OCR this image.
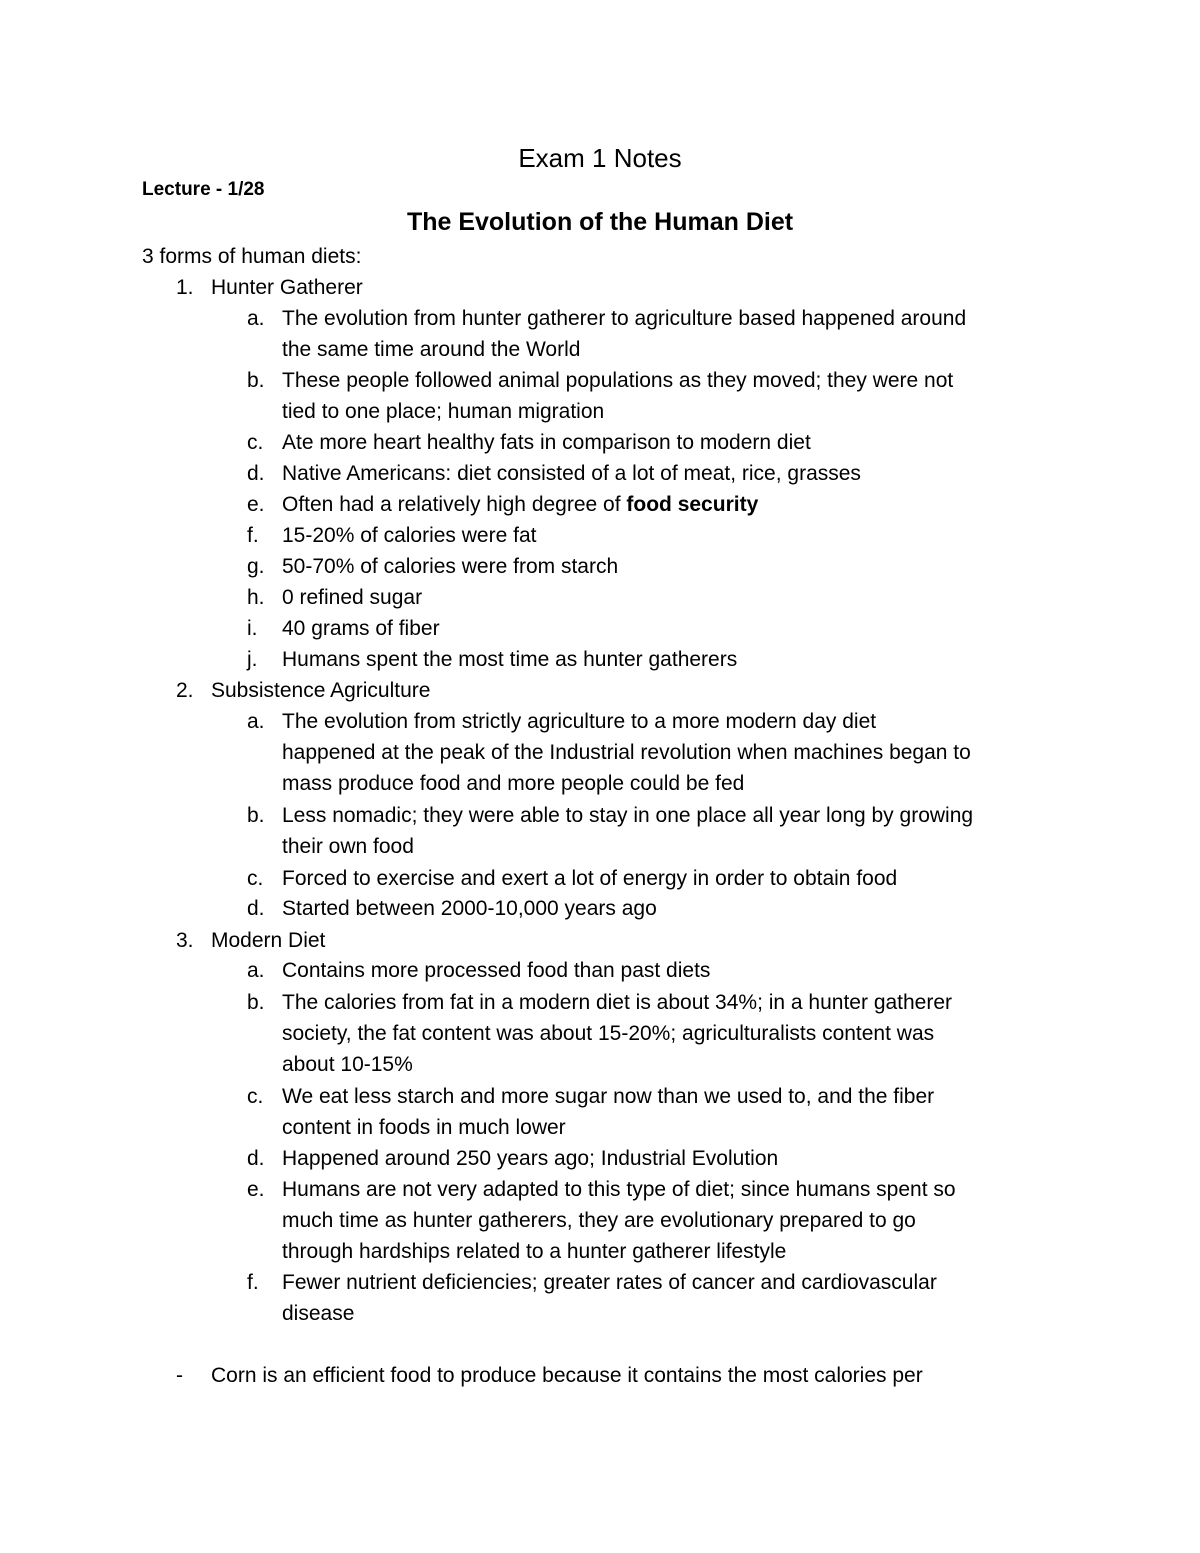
Exam 1 Notes
Lecture - 1/28
The Evolution of the Human Diet
3 forms of human diets:
1. Hunter Gatherer
a. The evolution from hunter gatherer to agriculture based happened around
the same time around the World
b. These people followed animal populations as they moved; they were not
tied to one place; human migration
c. Ate more heart healthy fats in comparison to modern diet
d. Native Americans: diet consisted of a lot of meat, rice, grasses
e. Often had a relatively high degree of food security
f. 15-20% of calories were fat
g. 50-70% of calories were from starch
h. 0 refined sugar
i. 40 grams of fiber
j. Humans spent the most time as hunter gatherers
2. Subsistence Agriculture
a. The evolution from strictly agriculture to a more modern day diet
happened at the peak of the Industrial revolution when machines began to
mass produce food and more people could be fed
b. Less nomadic; they were able to stay in one place all year long by growing
their own food
c. Forced to exercise and exert a lot of energy in order to obtain food
d. Started between 2000-10,000 years ago
3. Modern Diet
a. Contains more processed food than past diets
b. The calories from fat in a modern diet is about 34%; in a hunter gatherer
society, the fat content was about 15-20%; agriculturalists content was
about 10-15%
c. We eat less starch and more sugar now than we used to, and the fiber
content in foods in much lower
d. Happened around 250 years ago; Industrial Evolution
e. Humans are not very adapted to this type of diet; since humans spent so
much time as hunter gatherers, they are evolutionary prepared to go
through hardships related to a hunter gatherer lifestyle
f. Fewer nutrient deficiencies; greater rates of cancer and cardiovascular
disease
- Corn is an efficient food to produce because it contains the most calories per
